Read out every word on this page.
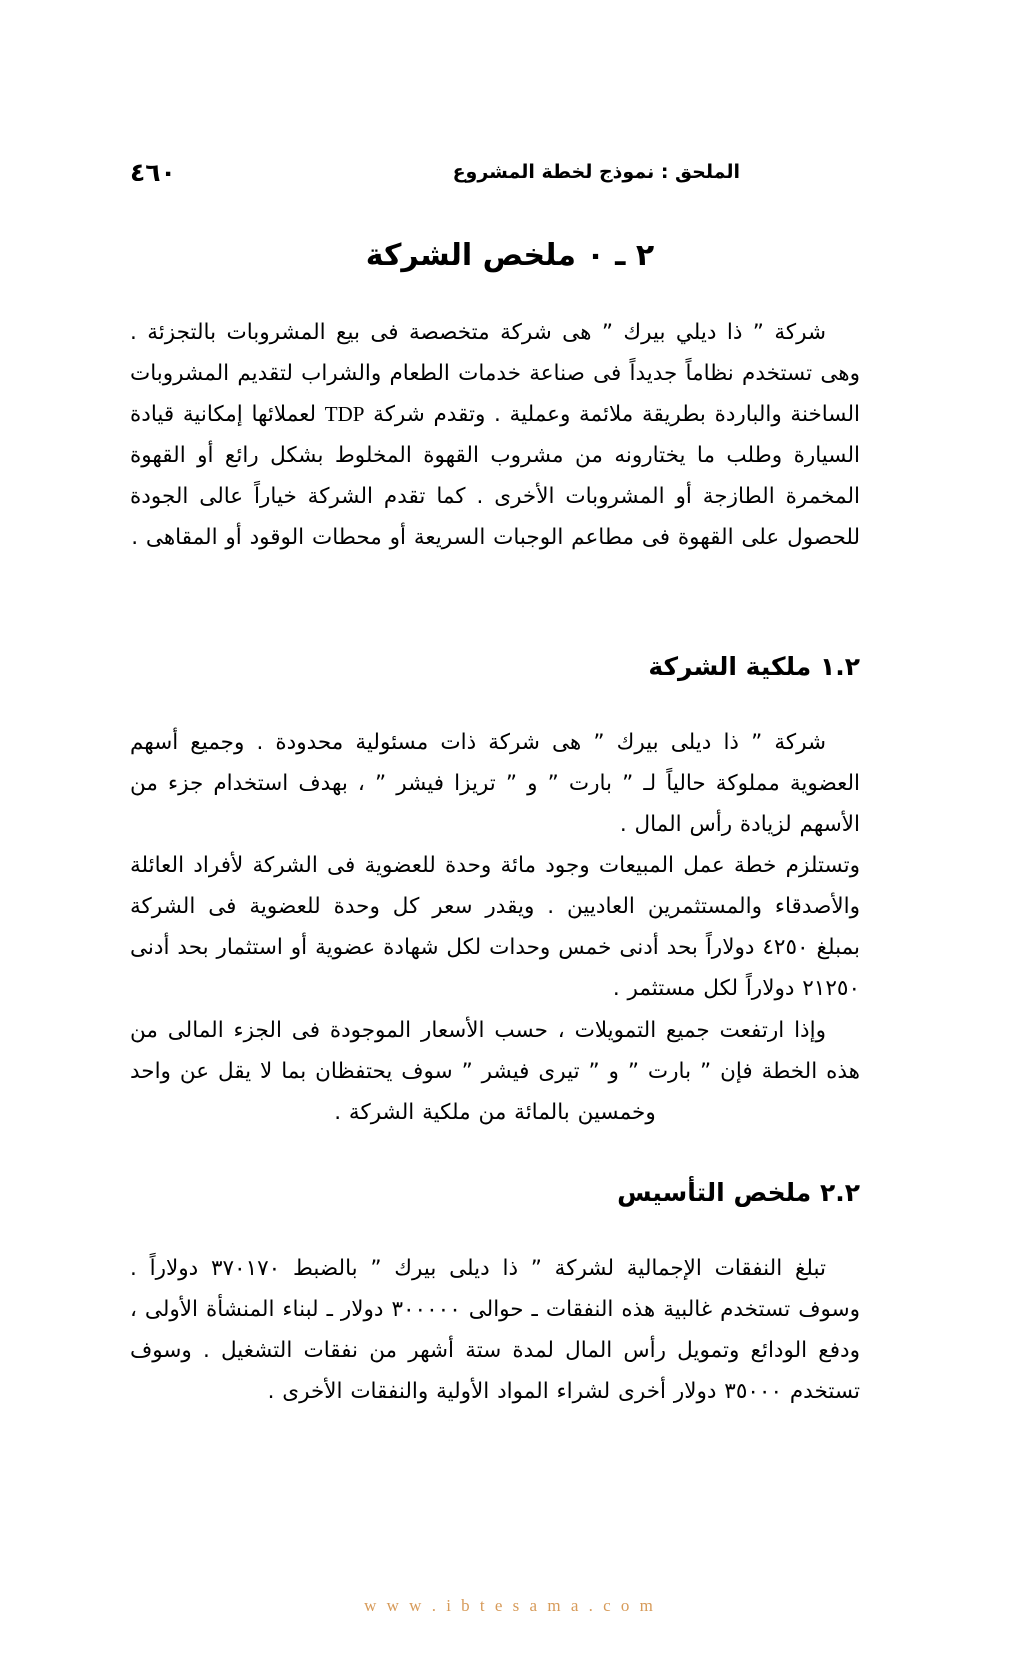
٤٦٠	الملحق : نموذج لخطة المشروع
٢ ـ ٠ ملخص الشركة
شركة ” ذا ديلي بيرك ” هى شركة متخصصة فى بيع المشروبات بالتجزئة . وهى تستخدم نظاماً جديداً فى صناعة خدمات الطعام والشراب لتقديم المشروبات الساخنة والباردة بطريقة ملائمة وعملية . وتقدم شركة TDP لعملائها إمكانية قيادة السيارة وطلب ما يختارونه من مشروب القهوة المخلوط بشكل رائع أو القهوة المخمرة الطازجة أو المشروبات الأخرى . كما تقدم الشركة خياراً عالى الجودة للحصول على القهوة فى مطاعم الوجبات السريعة أو محطات الوقود أو المقاهى .
١.٢ ملكية الشركة
شركة ” ذا ديلى بيرك ” هى شركة ذات مسئولية محدودة . وجميع أسهم العضوية مملوكة حالياً لـ ” بارت ” و ” تريزا فيشر ” ، بهدف استخدام جزء من الأسهم لزيادة رأس المال .
وتستلزم خطة عمل المبيعات وجود مائة وحدة للعضوية فى الشركة لأفراد العائلة والأصدقاء والمستثمرين العاديين . ويقدر سعر كل وحدة للعضوية فى الشركة بمبلغ ٤٢٥٠ دولاراً بحد أدنى خمس وحدات لكل شهادة عضوية أو استثمار بحد أدنى ٢١٢٥٠ دولاراً لكل مستثمر .
وإذا ارتفعت جميع التمويلات ، حسب الأسعار الموجودة فى الجزء المالى من هذه الخطة فإن ” بارت ” و ” تيرى فيشر ” سوف يحتفظان بما لا يقل عن واحد وخمسين بالمائة من ملكية الشركة .
٢.٢ ملخص التأسيس
تبلغ النفقات الإجمالية لشركة ” ذا ديلى بيرك ” بالضبط ٣٧٠١٧٠ دولاراً . وسوف تستخدم غالبية هذه النفقات ـ حوالى ٣٠٠٠٠٠ دولار ـ لبناء المنشأة الأولى ، ودفع الودائع وتمويل رأس المال لمدة ستة أشهر من نفقات التشغيل . وسوف تستخدم ٣٥٠٠٠ دولار أخرى لشراء المواد الأولية والنفقات الأخرى .
w w w . i b t e s a m a . c o m
